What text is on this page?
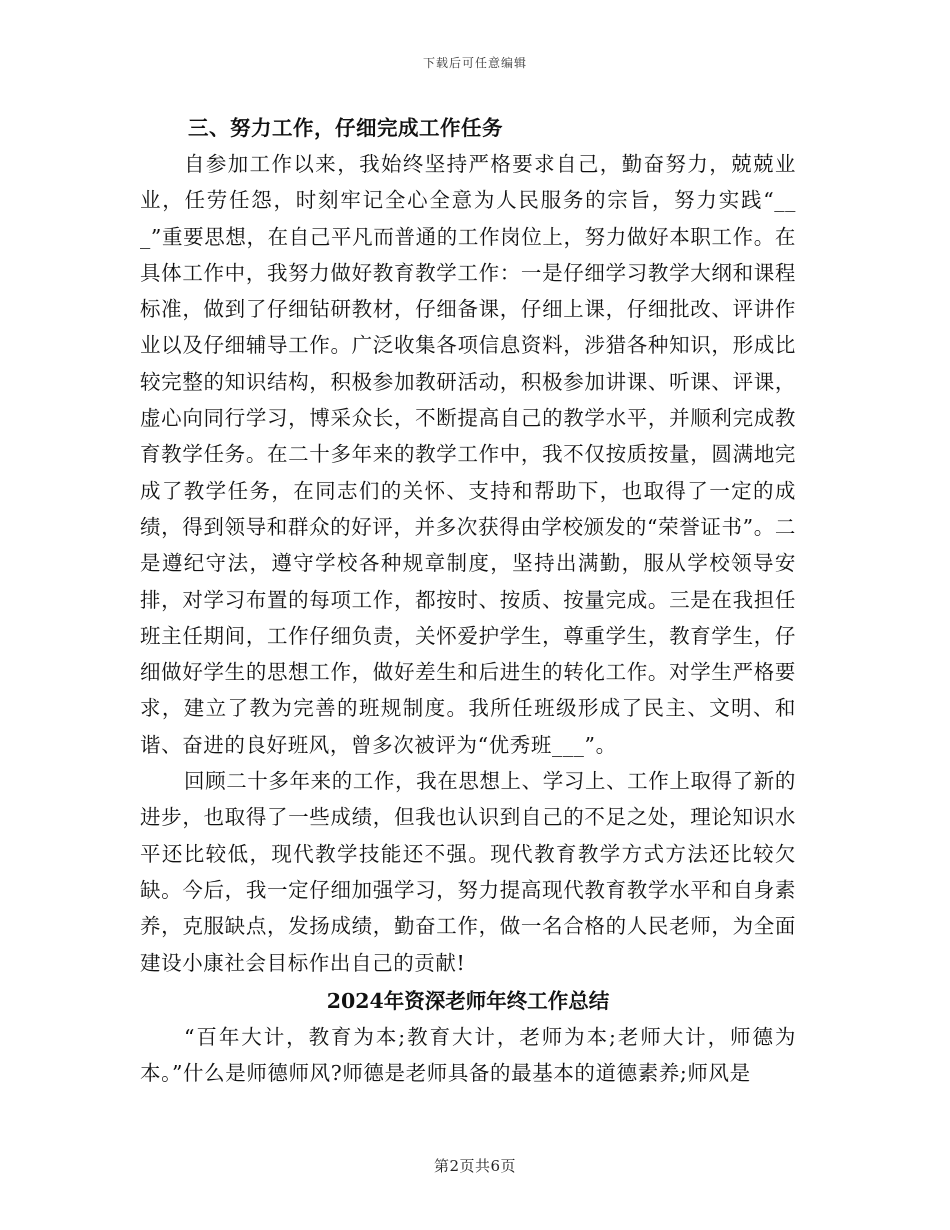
下载后可任意编辑
三、努力工作，仔细完成工作任务

自参加工作以来，我始终坚持严格要求自己，勤奋努力，兢兢业业，任劳任怨，时刻牢记全心全意为人民服务的宗旨，努力实践“___”重要思想，在自己平凡而普通的工作岗位上，努力做好本职工作。在具体工作中，我努力做好教育教学工作：一是仔细学习教学大纲和课程标准，做到了仔细钻研教材，仔细备课，仔细上课，仔细批改、评讲作业以及仔细辅导工作。广泛收集各项信息资料，涉猎各种知识，形成比较完整的知识结构，积极参加教研活动，积极参加讲课、听课、评课，虚心向同行学习，博采众长，不断提高自己的教学水平，并顺利完成教育教学任务。在二十多年来的教学工作中，我不仅按质按量，圆满地完成了教学任务，在同志们的关怀、支持和帮助下，也取得了一定的成绩，得到领导和群众的好评，并多次获得由学校颁发的“荣誉证书”。二是遵纪守法，遵守学校各种规章制度，坚持出满勤，服从学校领导安排，对学习布置的每项工作，都按时、按质、按量完成。三是在我担任班主任期间，工作仔细负责，关怀爱护学生，尊重学生，教育学生，仔细做好学生的思想工作，做好差生和后进生的转化工作。对学生严格要求，建立了教为完善的班规制度。我所任班级形成了民主、文明、和谐、奋进的良好班风，曾多次被评为“优秀班___”。

回顾二十多年来的工作，我在思想上、学习上、工作上取得了新的进步，也取得了一些成绩，但我也认识到自己的不足之处，理论知识水平还比较低，现代教学技能还不强。现代教育教学方式方法还比较欠缺。今后，我一定仔细加强学习，努力提高现代教育教学水平和自身素养，克服缺点，发扬成绩，勤奋工作，做一名合格的人民老师，为全面建设小康社会目标作出自己的贡献!

2024年资深老师年终工作总结

“百年大计，教育为本;教育大计，老师为本;老师大计，师德为本。”什么是师德师风?师德是老师具备的最基本的道德素养;师风是

第2页共6页
